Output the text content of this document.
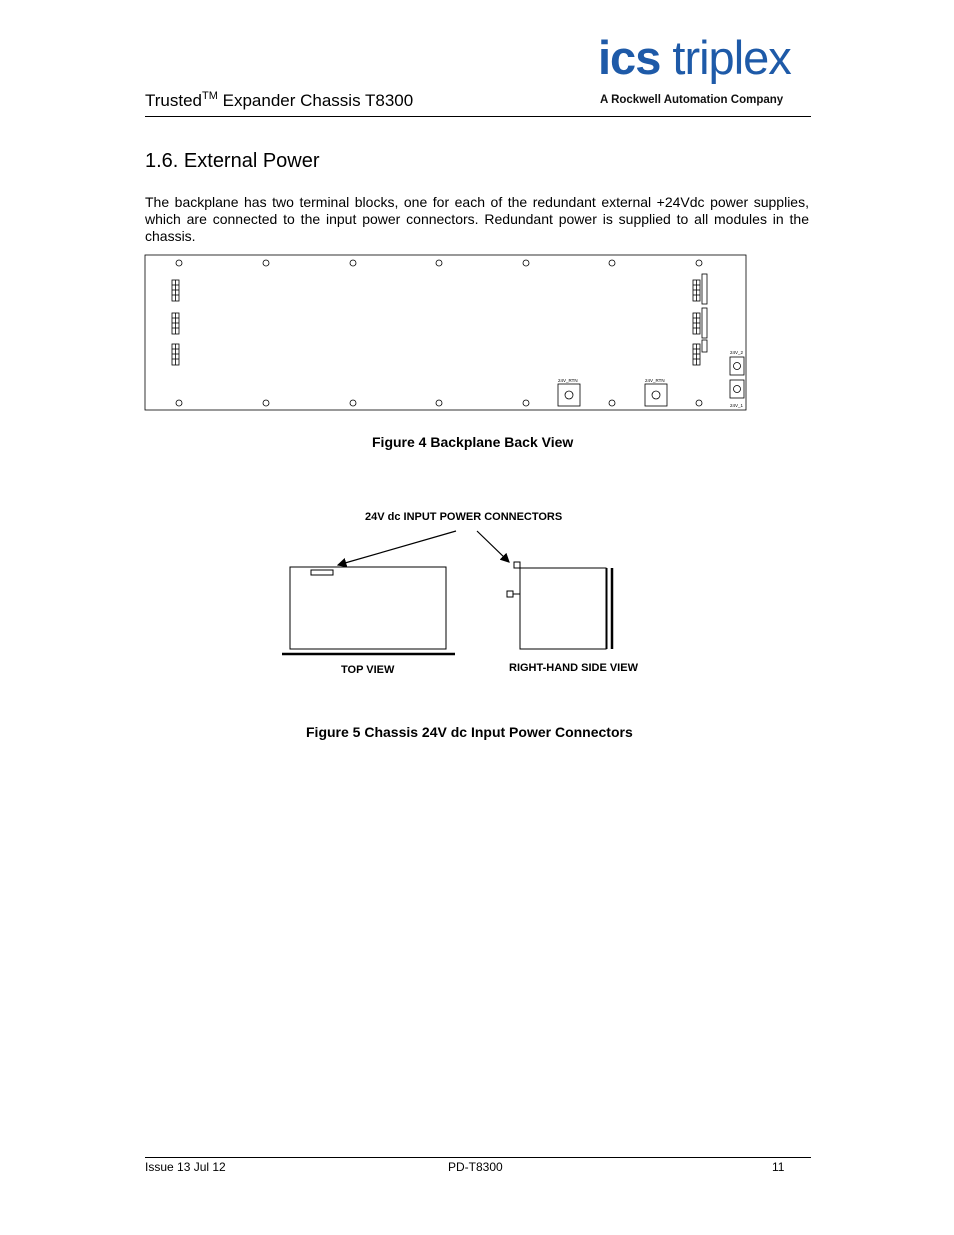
Trusted™ Expander Chassis T8300
ics triplex
A Rockwell Automation Company
1.6. External Power
The backplane has two terminal blocks, one for each of the redundant external +24Vdc power supplies, which are connected to the input power connectors. Redundant power is supplied to all modules in the chassis.
24V_RTN	24V_RTN
24V_2
24V_1
24V dc INPUT POWER CONNECTORS
TOP VIEW	RIGHT-HAND SIDE VIEW
Figure 4 Backplane Back View
Figure 5 Chassis 24V dc Input Power Connectors
Issue 13 Jul 12	PD-T8300	11
